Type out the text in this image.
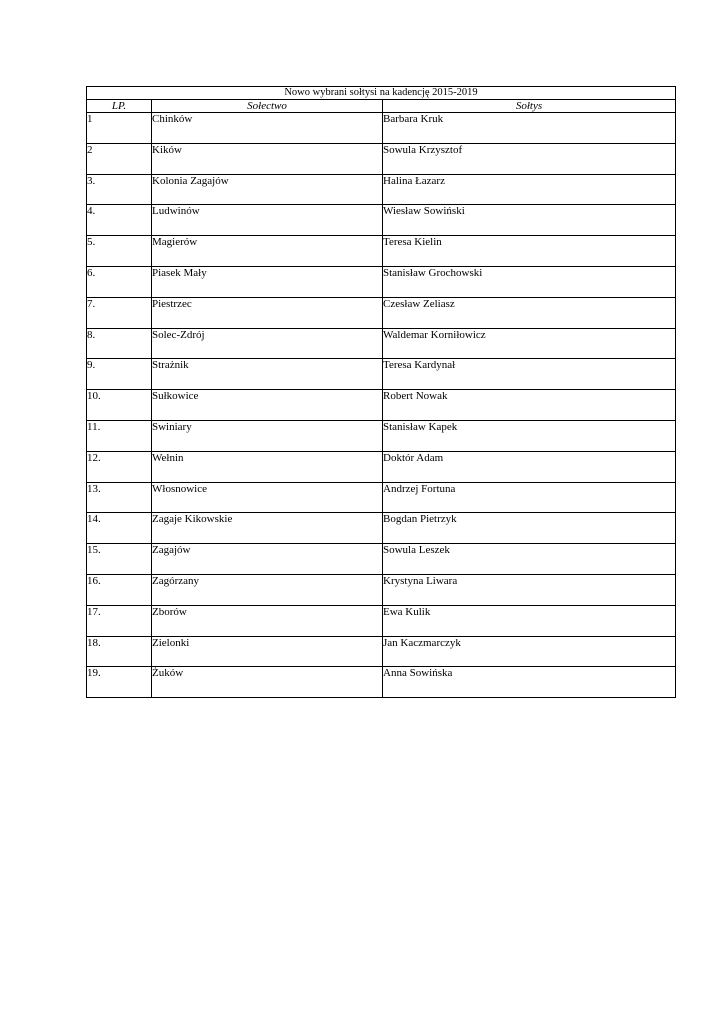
Nowo wybrani sołtysi na kadencję 2015-2019		
LP.	Sołectwo	Sołtys

1	Chinków	Barbara Kruk

2	Kików	Sowula Krzysztof

3.	Kolonia Zagajów	Halina Łazarz

4.	Ludwinów	Wiesław Sowiński

5.	Magierów	Teresa Kielin

6.	Piasek Mały	Stanisław Grochowski

7.	Piestrzec	Czesław Zeliasz

8.	Solec-Zdrój	Waldemar Korniłowicz

9.	Strażnik	Teresa Kardynał

10.	Sułkowice	Robert Nowak

11.	Swiniary	Stanisław Kapek

12.	Wełnin	Doktór Adam

13.	Włosnowice	Andrzej Fortuna

14.	Zagaje Kikowskie	Bogdan Pietrzyk

15.	Zagajów	Sowula Leszek

16.	Zagórzany	Krystyna Liwara

17.	Zborów	Ewa Kulik

18.	Zielonki	Jan Kaczmarczyk

19.	Żuków	Anna Sowińska
